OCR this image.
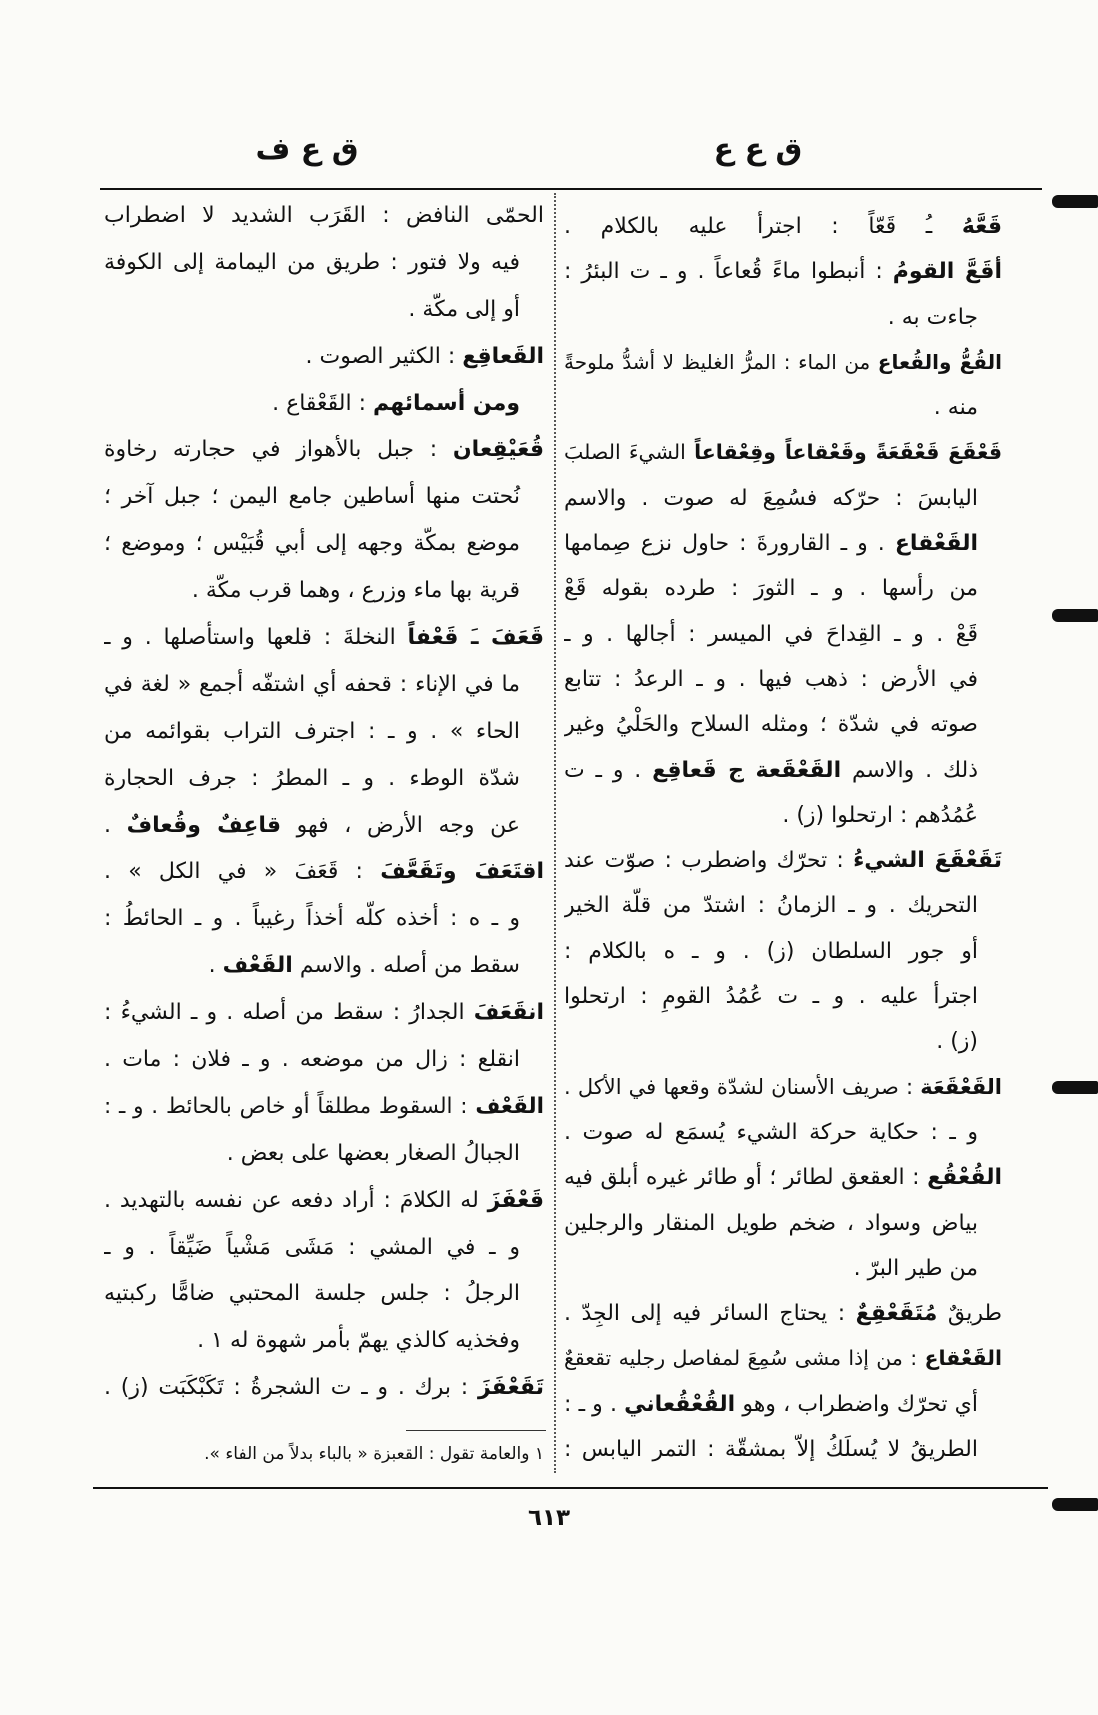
ق ع ع
ق ع ف
قَعَّهُ ـُ قَعّاً : اجترأ عليه بالكلام .
أقَعَّ القومُ : أنبطوا ماءً قُعاعاً . و ـ ت البئرُ :
جاءت به .
القُعُّ والقُعاع من الماء : المرُّ الغليظ لا أشدُّ ملوحةً
منه .
قَعْقَعَ قَعْقَعَةً وقَعْقاعاً وقِعْقاعاً الشيءَ الصلبَ
اليابسَ : حرّكه فسُمِعَ له صوت . والاسم
القَعْقاع . و ـ القارورةَ : حاول نزع صِمامها
من رأسها . و ـ الثورَ : طرده بقوله قَعْ
قَعْ . و ـ القِداحَ في الميسر : أجالها . و ـ
في الأرض : ذهب فيها . و ـ الرعدُ : تتابع
صوته في شدّة ؛ ومثله السلاح والحَلْيُ وغير
ذلك . والاسم القَعْقَعة ج قَعاقِع . و ـ ت
عُمُدُهم : ارتحلوا (ز) .
تَقَعْقَعَ الشيءُ : تحرّك واضطرب : صوّت عند
التحريك . و ـ الزمانُ : اشتدّ من قلّة الخير
أو جور السلطان (ز) . و ـ ه بالكلام :
اجترأ عليه . و ـ ت عُمُدُ القومِ : ارتحلوا
(ز) .
القَعْقَعَة : صريف الأسنان لشدّة وقعها في الأكل .
و ـ : حكاية حركة الشيء يُسمَع له صوت .
القُعْقُع : العقعق لطائر ؛ أو طائر غيره أبلق فيه
بياض وسواد ، ضخم طويل المنقار والرجلين
من طير البرّ .
طريقٌ مُتَقَعْقِعٌ : يحتاج السائر فيه إلى الجِدّ .
القَعْقاع : من إذا مشى سُمِعَ لمفاصل رجليه تقعقعٌ
أي تحرّك واضطراب ، وهو القُعْقُعاني . و ـ :
الطريقُ لا يُسلَكُ إلاّ بمشقّة : التمر اليابس :
الحمّى النافض : القَرَب الشديد لا اضطراب
فيه ولا فتور : طريق من اليمامة إلى الكوفة
أو إلى مكّة .
القَعاقِع : الكثير الصوت .
ومن أسمائهم : القَعْقاع .
قُعَيْقِعان : جبل بالأهواز في حجارته رخاوة
نُحتت منها أساطين جامع اليمن ؛ جبل آخر ؛
موضع بمكّة وجهه إلى أبي قُبَيْس ؛ وموضع ؛
قرية بها ماء وزرع ، وهما قرب مكّة .
قَعَفَ ـَ قَعْفاً النخلةَ : قلعها واستأصلها . و ـ
ما في الإناء : قحفه أي اشتفّه أجمع « لغة في
الحاء » . و ـ : اجترف التراب بقوائمه من
شدّة الوطء . و ـ المطرُ : جرف الحجارة
عن وجه الأرض ، فهو قاعِفٌ وقُعافٌ .
اقتَعَفَ وتَقَعَّفَ : قَعَفَ « في الكل » .
و ـ ه : أخذه كلّه أخذاً رغيباً . و ـ الحائطُ :
سقط من أصله . والاسم القَعْف .
انقَعَفَ الجدارُ : سقط من أصله . و ـ الشيءُ :
انقلع : زال من موضعه . و ـ فلان : مات .
القَعْف : السقوط مطلقاً أو خاص بالحائط . و ـ :
الجبالُ الصغار بعضها على بعض .
قَعْفَزَ له الكلامَ : أراد دفعه عن نفسه بالتهديد .
و ـ في المشي : مَشَى مَشْياً ضَيِّقاً . و ـ
الرجلُ : جلس جلسة المحتبي ضامًّا ركبتيه
وفخذيه كالذي يهمّ بأمر شهوة له ١ .
تَقَعْفَزَ : برك . و ـ ت الشجرةُ : تَكَبْكَبَت (ز) .
١ والعامة تقول : القعبزة « بالباء بدلاً من الفاء ».
٦١٣
